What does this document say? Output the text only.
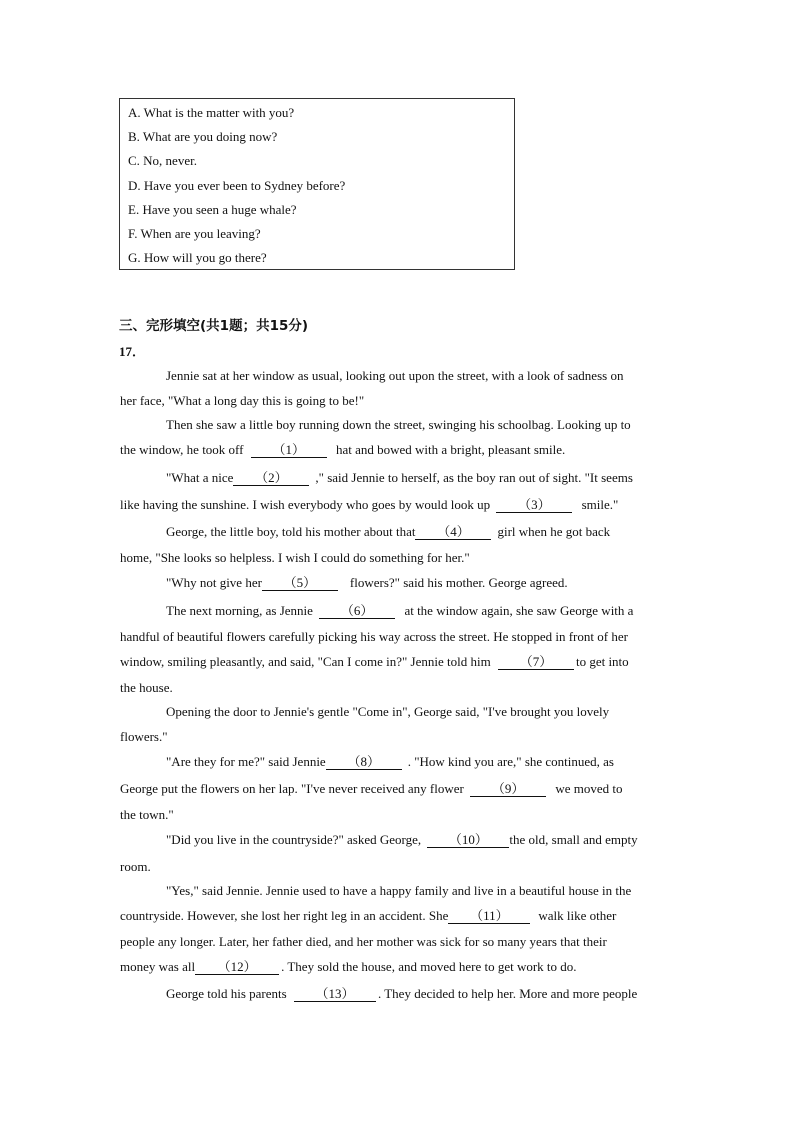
A. What is the matter with you?
B. What are you doing now?
C. No, never.
D. Have you ever been to Sydney before?
E. Have you seen a huge whale?
F. When are you leaving?
G. How will you go there?
三、完形填空(共1题；共15分)
17．
Jennie sat at her window as usual, looking out upon the street, with a look of sadness on
her face, "What a long day this is going to be!"
Then she saw a little boy running down the street, swinging his schoolbag. Looking up to
the window, he took off （1） hat and bowed with a bright, pleasant smile.
"What a nice （2） ," said Jennie to herself, as the boy ran out of sight. "It seems
like having the sunshine. I wish everybody who goes by would look up （3） smile."
George, the little boy, told his mother about that （4） girl when he got back
home, "She looks so helpless. I wish I could do something for her."
"Why not give her （5）	flowers?" said his mother. George agreed.
The next morning, as Jennie （6） at the window again, she saw George with a
handful of beautiful flowers carefully picking his way across the street. He stopped in front of her
window, smiling pleasantly, and said, "Can I come in?" Jennie told him （7） to get into
the house.
Opening the door to Jennie's gentle "Come in", George said, "I've brought you lovely
flowers."
"Are they for me?" said Jennie （8） . "How kind you are," she continued, as
George put the flowers on her lap. "I've never received any flower （9） we moved to
the town."
"Did you live in the countryside?" asked George, （10） the old, small and empty
room.
"Yes," said Jennie. Jennie used to have a happy family and live in a beautiful house in the
countryside. However, she lost her right leg in an accident. She （11） walk like other
people any longer. Later, her father died, and her mother was sick for so many years that their
money was all （12） . They sold the house, and moved here to get work to do.
George told his parents （13） . They decided to help her. More and more people
